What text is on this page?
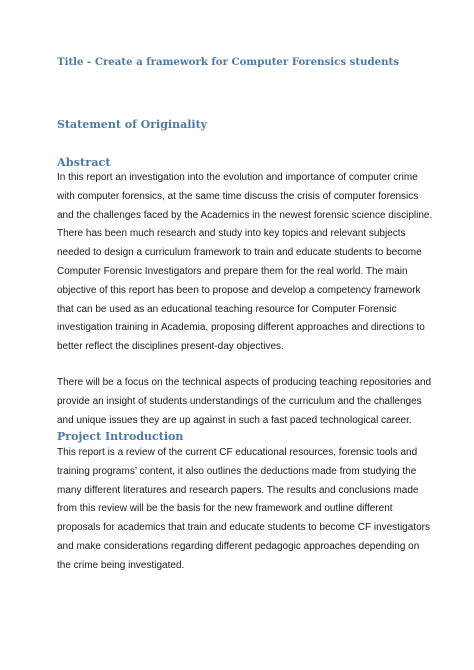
Title - Create a framework for Computer Forensics students
Statement of Originality
Abstract
In this report an investigation into the evolution and importance of computer crime
with computer forensics, at the same time discuss the crisis of computer forensics
and the challenges faced by the Academics in the newest forensic science discipline.
There has been much research and study into key topics and relevant subjects
needed to design a curriculum framework to train and educate students to become
Computer Forensic Investigators and prepare them for the real world. The main
objective of this report has been to propose and develop a competency framework
that can be used as an educational teaching resource for Computer Forensic
investigation training in Academia, proposing different approaches and directions to
better reflect the disciplines present-day objectives.
There will be a focus on the technical aspects of producing teaching repositories and
provide an insight of students understandings of the curriculum and the challenges
and unique issues they are up against in such a fast paced technological career.
Project Introduction
This report is a review of the current CF educational resources, forensic tools and
training programs’ content, it also outlines the deductions made from studying the
many different literatures and research papers. The results and conclusions made
from this review will be the basis for the new framework and outline different
proposals for academics that train and educate students to become CF investigators
and make considerations regarding different pedagogic approaches depending on
the crime being investigated.
